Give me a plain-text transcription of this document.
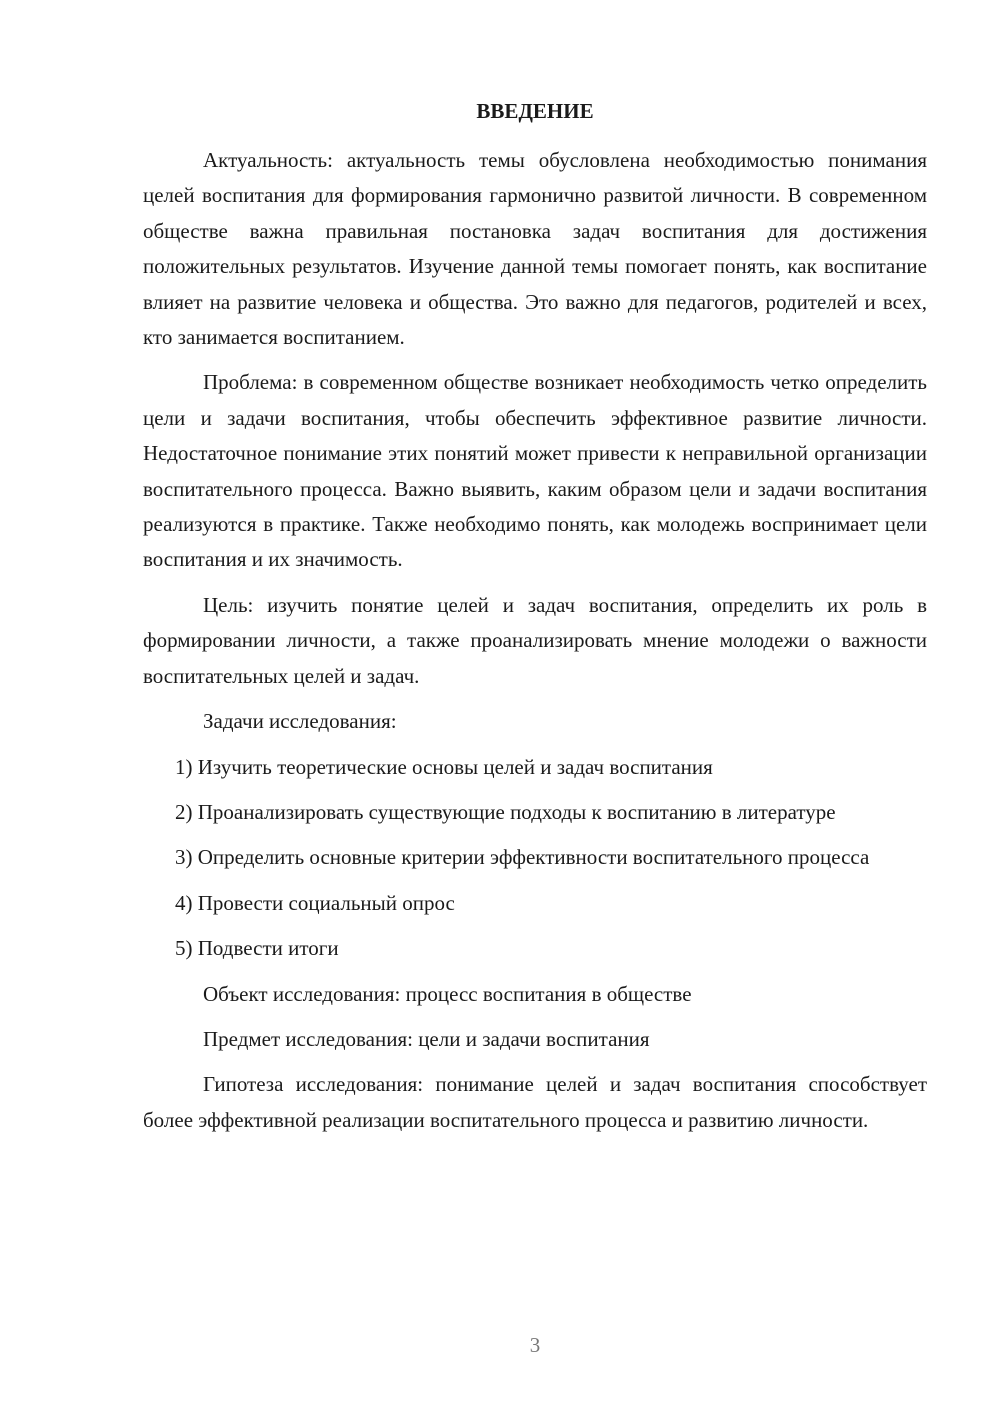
ВВЕДЕНИЕ

Актуальность: актуальность темы обусловлена необходимостью понимания целей воспитания для формирования гармонично развитой личности. В современном обществе важна правильная постановка задач воспитания для достижения положительных результатов. Изучение данной темы помогает понять, как воспитание влияет на развитие человека и общества. Это важно для педагогов, родителей и всех, кто занимается воспитанием.

Проблема: в современном обществе возникает необходимость четко определить цели и задачи воспитания, чтобы обеспечить эффективное развитие личности. Недостаточное понимание этих понятий может привести к неправильной организации воспитательного процесса. Важно выявить, каким образом цели и задачи воспитания реализуются в практике. Также необходимо понять, как молодежь воспринимает цели воспитания и их значимость.

Цель: изучить понятие целей и задач воспитания, определить их роль в формировании личности, а также проанализировать мнение молодежи о важности воспитательных целей и задач.

Задачи исследования:

1) Изучить теоретические основы целей и задач воспитания

2) Проанализировать существующие подходы к воспитанию в литературе

3) Определить основные критерии эффективности воспитательного процесса

4) Провести социальный опрос

5) Подвести итоги

Объект исследования: процесс воспитания в обществе

Предмет исследования: цели и задачи воспитания

Гипотеза исследования: понимание целей и задач воспитания способствует более эффективной реализации воспитательного процесса и развитию личности.

3
